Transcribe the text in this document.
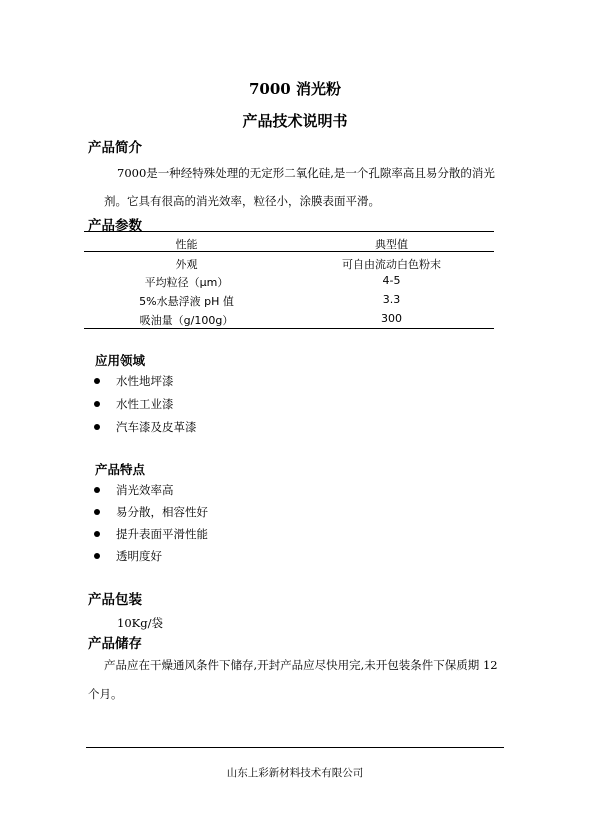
7000 消光粉
产品技术说明书
产品简介
7000是一种经特殊处理的无定形二氧化硅,是一个孔隙率高且易分散的消光
剂。它具有很高的消光效率，粒径小，涂膜表面平滑。
产品参数
性能	典型值
外观	可自由流动白色粉末
平均粒径（μm）	4-5
5%水悬浮液 pH 值	3.3
吸油量（g/100g）	300
应用领域
水性地坪漆
水性工业漆
汽车漆及皮革漆
产品特点
消光效率高
易分散，相容性好
提升表面平滑性能
透明度好
产品包装
10Kg/袋
产品储存
产品应在干燥通风条件下储存,开封产品应尽快用完,未开包装条件下保质期 12
个月。
山东上彩新材料技术有限公司
